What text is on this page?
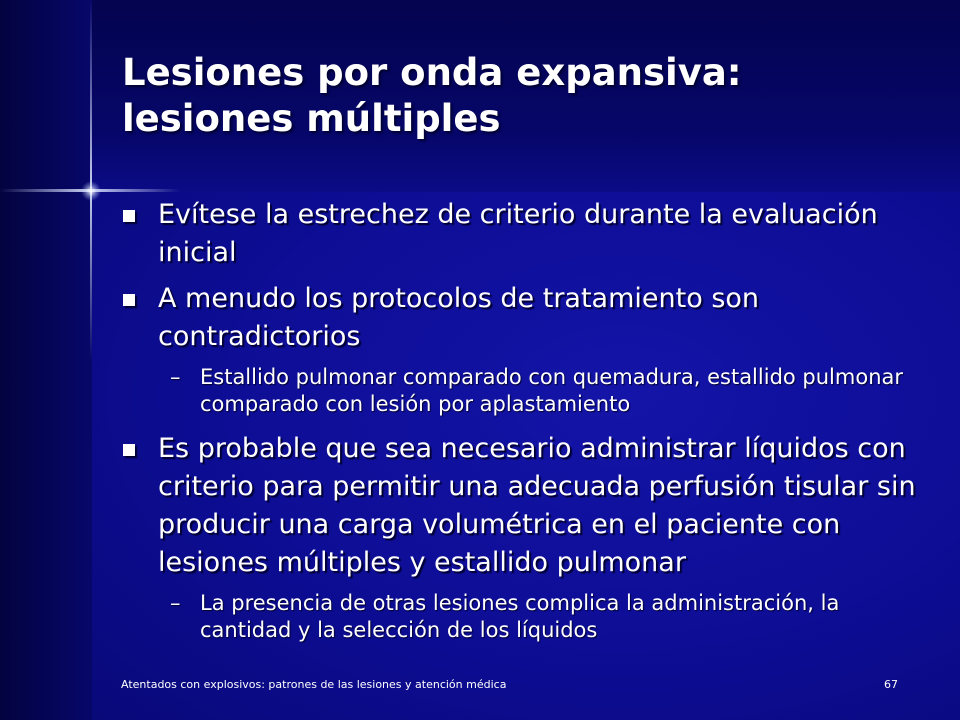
Lesiones por onda expansiva:
lesiones múltiples
Evítese la estrechez de criterio durante la evaluación inicial
A menudo los protocolos de tratamiento son contradictorios
– Estallido pulmonar comparado con quemadura, estallido pulmonar comparado con lesión por aplastamiento
Es probable que sea necesario administrar líquidos con criterio para permitir una adecuada perfusión tisular sin producir una carga volumétrica en el paciente con lesiones múltiples y estallido pulmonar
– La presencia de otras lesiones complica la administración, la cantidad y la selección de los líquidos
Atentados con explosivos: patrones de las lesiones y atención médica	67
